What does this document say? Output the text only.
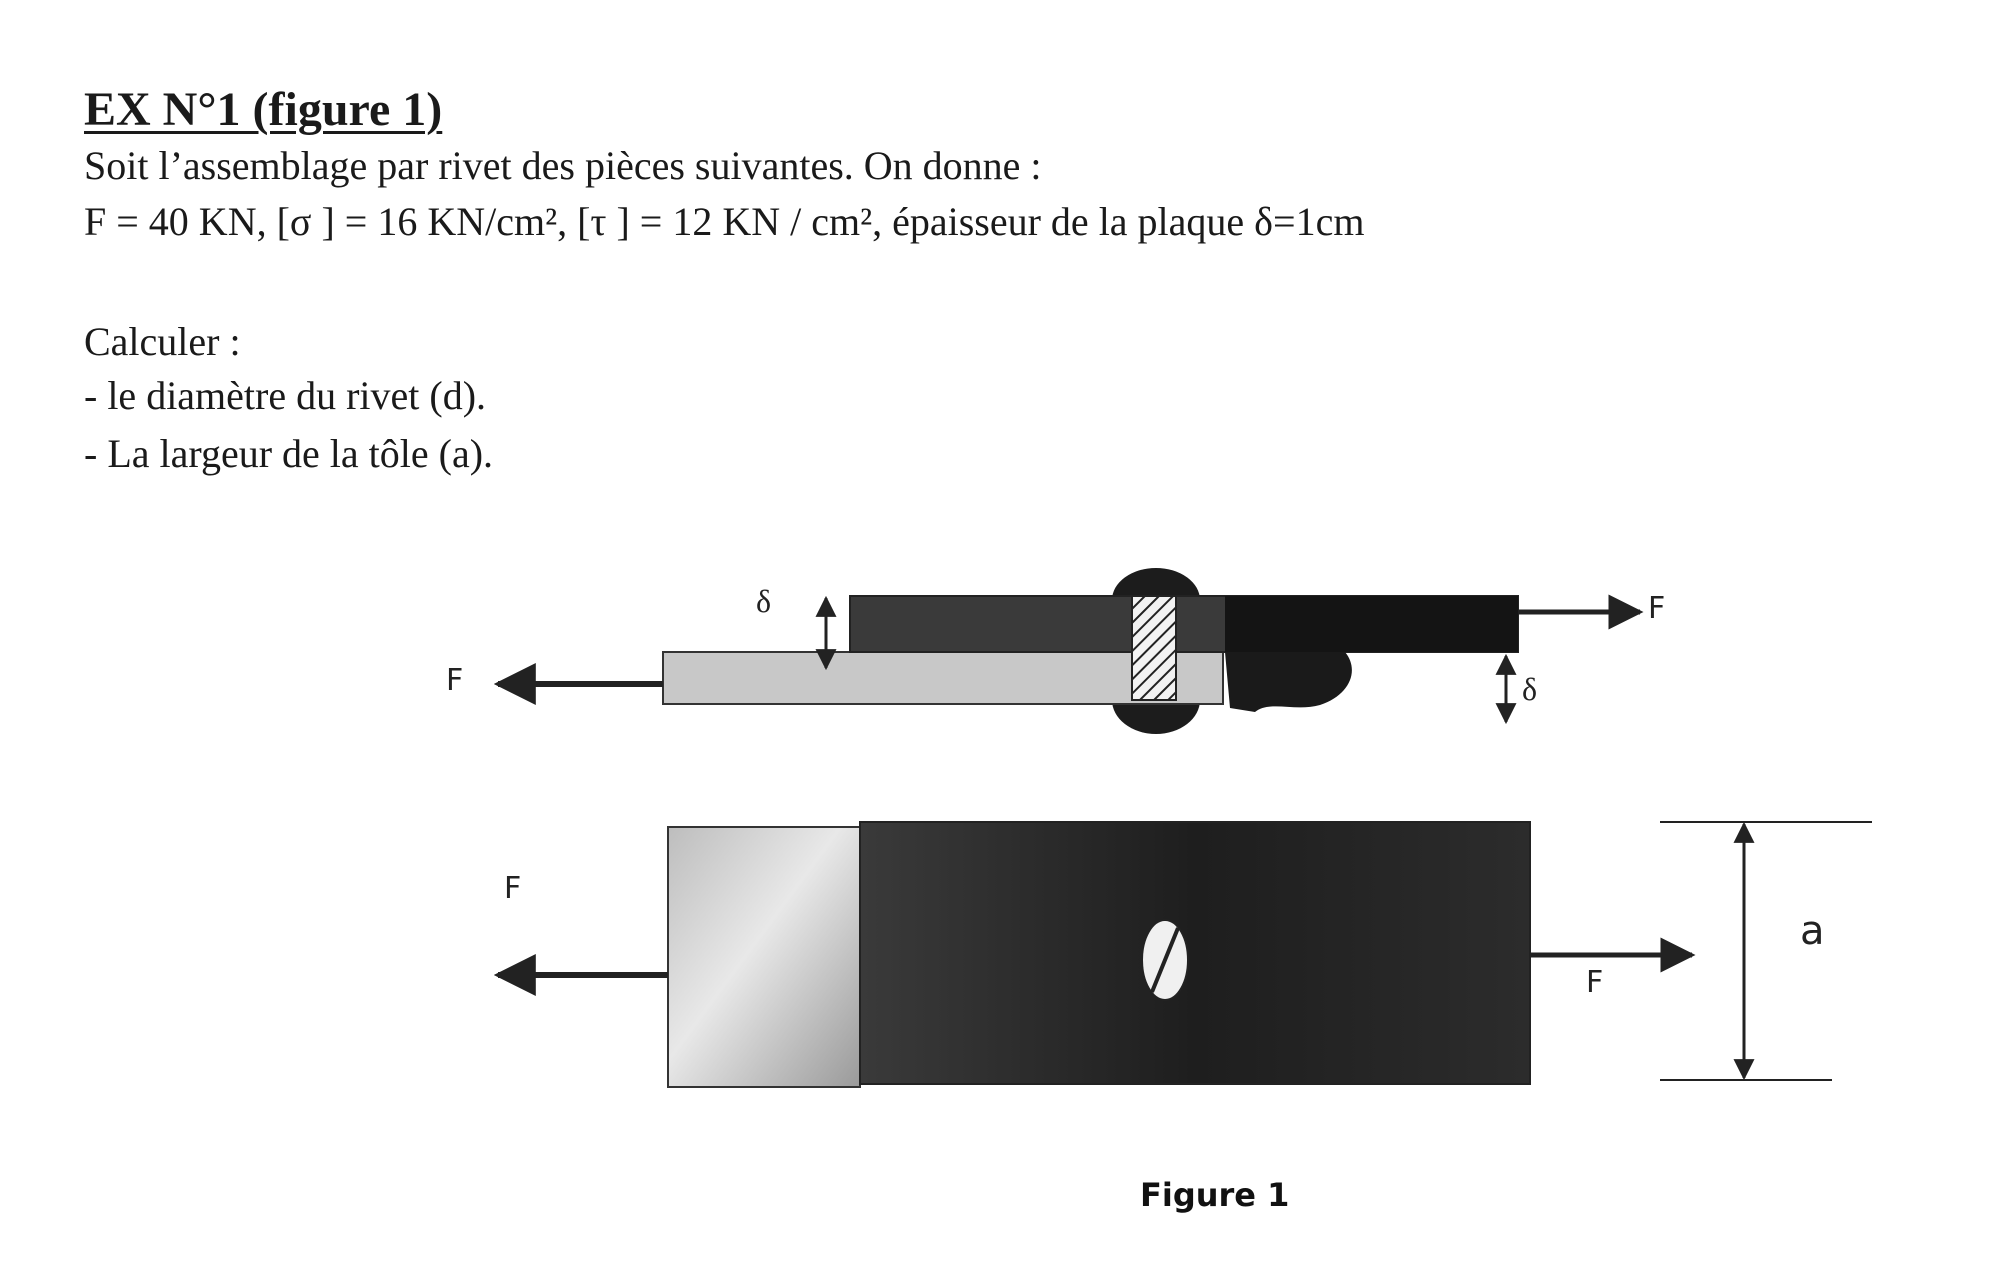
EX N°1 (figure 1)

Soit l’assemblage par rivet des pièces suivantes. On donne :

F = 40 KN, [σ ] = 16 KN/cm², [τ ] = 12 KN / cm², épaisseur de la plaque δ=1cm

Calculer :

- le diamètre du rivet (d).

- La largeur de la tôle (a).

F
F
δ
δ
F
F
a
Figure 1
